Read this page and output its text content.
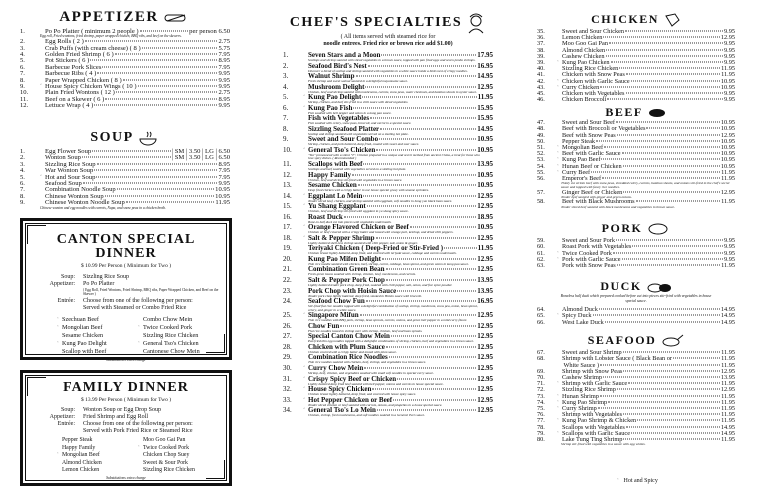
APPETIZER
1.	Po Po Platter ( minimum 2 people )	per person 6.50
Egg roll, Fried wontons, fried shrimp, paper wrapped chicken, BBQ ribs, and beef on the skewers.
2.	Egg Rolls ( 2 )	2.75
3.	Crab Puffs (with cream cheese) ( 8 )	5.75
4.	Golden Fried Shrimp ( 6 )	7.95
5.	Pot Stickers ( 6 )	8.95
6.	Barbecue Pork Slices	7.95
7.	Barbecue Ribs ( 4 )	9.95
8.	Paper Wrapped Chicken ( 8 )	9.95
9.	ʿ House Spicy Chicken Wings ( 10 )	9.95
10.	Plain Fried Wontons ( 12 )	2.75
11.	Beef on a Skewer ( 6 )	8.95
12.	Lettuce Wrap ( 4 )	9.95
SOUP
1.	Egg Flower Soup	| SM | 3.50 | LG | 6.50
2.	Wonton Soup	| SM | 3.50 | LG | 6.50
3.	Sizzling Rice Soup	8.95
4.	War Wonton Soup	7.95
5.	ʿ Hot and Sour Soup	7.95
6.	Seafood Soup	9.95
7.	Combination Noodle Soup	10.95
8.	Chinese Wonton Soup	10.95
9.	Chinese Wonton Noodle Soup	11.95
Chinese wonton and egg noodles with carrots, Napa, and snow peas in a chicken broth.
CANTON SPECIAL DINNER
$ 10.99 Per Person ( Minimum for Two )
Soup:	Sizzling Rice Soup
Appetizer:	Po Po Platter
( Egg Roll, Fried Wontons, Fried Shrimp, BBQ ribs, Paper Wrapped Chicken, and Beef on the Skewer )
Entrée:	Choose from one of the following per person:
Served with Steamed or Combo Fried Rice
ʿ Szechuan Beef	Combo Chow Mein
ʿ Mongolian Beef	ʿ Twice Cooked Pork
Sesame Chicken	Sizzling Rice Chicken
ʿ Kung Pao Delight	ʿ General Tso's Chicken
Scallop with Beef	Cantonese Chow Mein
Substitutions extra charge
FAMILY DINNER
$ 13.99 Per Person ( Minimum for Two )
Soup:	Wonton Soup or Egg Drop Soup
Appetizer:	Fried Shrimp and Egg Roll
Entrée:	Choose from one of the following per person:
Served with Pork Fried Rice or Steamed Rice
Pepper Steak	Moo Goo Gai Pan
Happy Family	ʿ Twice Cooked Pork
ʿ Mongolian Beef	Chicken Chop Suey
Almond Chicken	Sweet & Sour Pork
Lemon Chicken	Sizzling Rice Chicken
Substitutions extra charge
CHEF'S SPECIALTIES
( All items served with steamed rice for
noodle entrees. Fried rice or brown rice add $1.00)
1.	Seven Stars and a Moon	17.95
Scallops and shrimp sautéed with sliced vegetables in a brown sauce, topped with pan fried eggs and seven jumbo shrimps.
2.	Seafood Bird's Nest	16.95
Discover a blend of scallop and shrimp sautéed with vegetables in a white sauce inside a birds nest of crispy noodles.
3.	Walnut Shrimp	14.95
Fresh shrimp and sweet walnut sautéed in a delightful mayonnaise sauce.
4.	Mushroom Delight	12.95
Chicken, beef and shrimp sautéed with mushrooms, carrots, snow peas, water chestnuts, and bamboo shoots in oyster sauce.
5.	ʿ Kung Pao Delight	11.95
Shrimp, chicken, and beef stir-fried in a chili sauce with diced vegetables.
6.	ʿ Kung Pao Fish	15.95
Fish sautéed with bell pepper and onion in a kung pao sauce.
7.	Fish with Vegetables	15.95
Fish sautéed with celery, snow peas, broccoli, and carrot in a special sauce.
8.	Sizzling Seafood Platter	14.95
Scallop and shrimp sautéed with vegetables served on a sizzling hot plate.
9.	Sweet and Sour Combo	10.95
Shrimp, chicken, and pork battered, deep fried, coated with sweet and sour sauce.
10.	ʿ General Tso's Chicken	10.95
"Tso" pronounced with a silent "T". Chicken prepared in a unique and secret method from ancient China, a treat for those who love spicy dishes. ( Recommended )
11.	Scallops with Beef	13.95
Scallops and beef sautéed with vegetables served on a sizzling hot plate.
12.	Happy Family	10.95
Chicken, beef and shrimp stir-fried with vegetables in a brown sauce.
13.	Sesame Chicken	10.95
Deep fried chicken with a crispy batter in our house special gravy with sesame sprinkles.
14.	ʿ Eggplant Lo Mein	12.95
Tender sliced beef, chicken, and shrimp sautéed with eggplant, soft noodles in hong yuo black bean sauce.
15.	ʿ Yu Shang Eggplant	12.95
Chicken, beef and shrimp stir-fried with eggplant in yu shang spicy sauce.
16.	Roast Duck	18.95
Bone-in half duck cut into pieces with vegetables underneath.
17.	ʿ Orange Flavored Chicken or Beef	10.95
Chicken or beef covered with a crispy batter and tossed with orange peel, ketchup, and dried chili peppers.
18.	ʿ Salt & Pepper Shrimp	12.95
Lightly battered shell-less shrimp sautéed with chili pepper, salt, onion & ginger.
19.	Teriyaki Chicken ( Deep-Fried or Stir-Fried )	11.95
Chicken breast lightly battered, deep fried, and covered with teriyaki sauce, cabbage and carrots underneath.
20.	Kung Pao Mifen Delight	12.95
Thin rice noodle sautéed with chicken, beef, shrimp, carrot, cabbage, bean sprout, and green onion in kung pao sauce.
21.	Combination Green Bean	12.95
Fresh green beans sautéed with shrimp, chicken, beef, mushrooms, and carrots.
22.	Salt & Pepper Pork Chop	13.95
Lightly battered tender pork chop, deep fried, sautéed with chili pepper, salt, onion, and five spice powder.
23.	Pork Chop with Hoisin Sauce	13.95
Tender pork chop lightly battered, deep fried, smoked in Hoisin sauce with broccoli.
24.	Seafood Chow Fun	16.95
Stir-fried flat rice noodles topped with a delightful combination of scallop, shrimp, mushroom, snow pea, onion, bean sprout, celery, and ginger in a white sauce.
25.	ʿ Singapore Mifun	12.95
Thin rice noodles with BBQ pork, shrimp, bean sprouts, carrots, onions, and green bell pepper in a mild curry flavor.
26.	Chow Fun	12.95
Flat rice noodles tossed in shrimp over with shrimp, chicken, beef and bean sprouts.
27.	Special Canton Chow Mein	12.95
Pan fried thin egg noodles topped with a delightful combination of shrimp, chicken, beef and vegetables in a brown sauce.
28.	Chicken with Plum Sauce	12.95
Chicken covered with a crispy batter and tossed with plum sauce.
29.	Combination Rice Noodles	12.95
Thin rice noodles sautéed with chicken, beef, shrimp, and vegetables in a brown sauce.
30.	ʿ Curry Chow Mein	12.95
Shrimp, beef, chicken, and vegetables sautéed with small soft noodles in special curry sauce.
31.	ʿ Crispy Spicy Beef or Chicken	12.95
Lightly battered deep fried beef sautéed with bell pepper, onions and carrots in house special sauce.
32.	ʿ House Spicy Chicken	12.95
Chicken breast lightly battered, deep fried, and covered with house spicy sauce.
33.	ʿ Hot Pepper Chicken or Beef	12.95
Tender sliced chicken or beef sautéed with carrots, onions, and jalapeños in a house special sauce.
34.	ʿ General Tso's Lo Mein	12.95
Chicken, shrimp, fresh mushrooms, and soft noodles sautéed in a General Tso's sauce.
CHICKEN
35.	Sweet and Sour Chicken	9.95
36.	Lemon Chicken	12.95
37.	Moo Goo Gai Pan	9.95
38.	Almond Chicken	9.95
39.	Cashew Chicken	9.95
39.	ʿ Kung Pao Chicken	9.95
40.	Sizzling Rice Chicken	11.95
41.	Chicken with Snow Peas	11.95
42.	ʿ Chicken with Garlic Sauce	10.95
43.	ʿ Curry Chicken	10.95
45.	Chicken with Vegetables	9.95
46.	Chicken Broccoli	9.95
BEEF
47.	Sweet and Sour Beef	10.95
48.	Beef with Broccoli or Vegetables	10.95
49.	Beef with Snow Peas	12.95
50.	Pepper Steak	10.95
51.	ʿ Mongolian Beef	10.95
52.	ʿ Beef with Garlic Sauce	10.95
53.	ʿ Kung Pao Beef	10.95
54.	ʿ Hunan Beef or Chicken	10.95
55.	ʿ Curry Beef	11.95
56.	Emperor's Beef	11.95
Thinly cut sirloin beef with snow peas, shredded celery, carrots, bamboo shoots, and onions stir-fried in the chef's secret sauce and topped with fancy rice noodles.
57.	Ginger Beef or Chicken	12.95
Tender beef sautéed with ginger and green onions.
58.	Beef with Black Mushrooms	11.95
Tender sliced beef sautéed with black mushrooms and vegetables in brown sauce.
PORK
59.	Sweet and Sour Pork	9.95
60.	Roast Pork with Vegetables	9.95
61.	ʿ Twice Cooked Pork	9.95
62.	ʿ Pork with Garlic Sauce	9.95
63.	Pork with Snow Peas	11.95
DUCK
Boneless half duck which prepared cooked before cut into pieces stir-fried with vegetables in house special sauce.
64.	Almond Duck	14.95
65.	ʿ Spicy Duck	14.95
66.	West Lake Duck	14.95
SEAFOOD
67.	Sweet and Sour Shrimp	11.95
68.	Shrimp with Lobster Sauce ( Black Bean or	11.95
White Sauce )	11.95
69.	Shrimp with Snow Peas	12.95
70.	Cashew Shrimp	13.95
71.	ʿ Shrimp with Garlic Sauce	11.95
72.	Sizzling Rice Shrimp	12.95
73.	ʿ Hunan Shrimp	11.95
74.	ʿ Kung Pao Shrimp	11.95
75.	ʿ Curry Shrimp	11.95
76.	Shrimp with Vegetables	11.95
77.	ʿ Kung Pao Shrimp & Chicken	11.95
78.	Scallops with Vegetables	14.95
79.	ʿ Scallops with Garlic Sauce	14.95
80.	Lake Tung Ting Shrimp	11.95
Shrimp stir-fried with vegetables in a sauce with egg whites.
ʿ Hot and Spicy
